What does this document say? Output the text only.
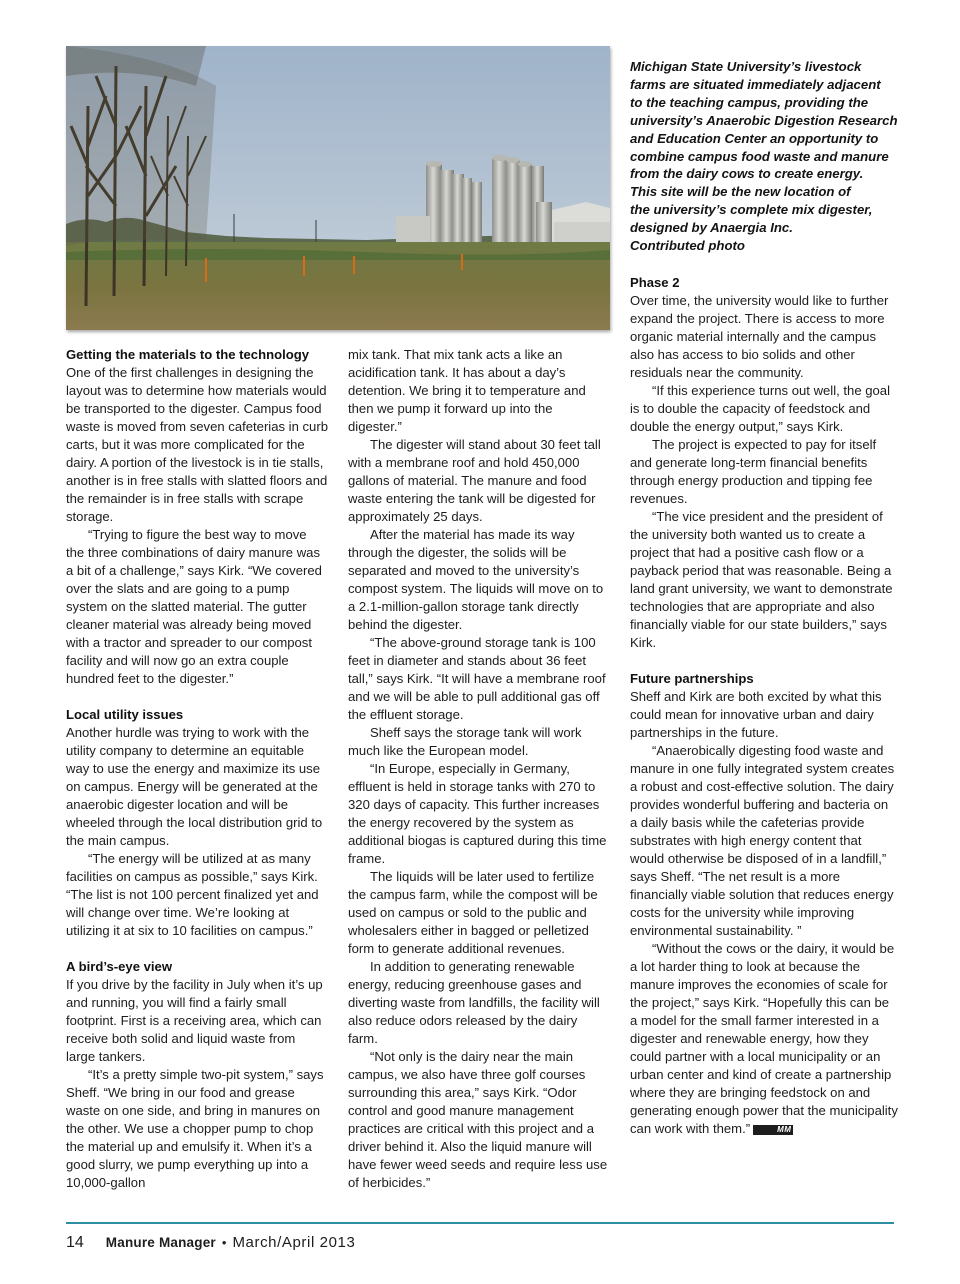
Michigan State University’s livestock

farms are situated immediately adjacent

to the teaching campus, providing the

university’s Anaerobic Digestion Research

and Education Center an opportunity to

combine campus food waste and manure

from the dairy cows to create energy.

This site will be the new location of

the university’s complete mix digester,

designed by Anaergia Inc.

Contributed photo

Getting the materials to the technology

One of the first challenges in designing the layout was to determine how materials would be transported to the digester. Campus food waste is moved from seven cafeterias in curb carts, but it was more complicated for the dairy. A portion of the livestock is in tie stalls, another is in free stalls with slatted floors and the remainder is in free stalls with scrape storage.

“Trying to figure the best way to move the three combinations of dairy manure was a bit of a challenge,” says Kirk. “We covered over the slats and are going to a pump system on the slatted material. The gutter cleaner material was already being moved with a tractor and spreader to our compost facility and will now go an extra couple hundred feet to the digester.”

Local utility issues

Another hurdle was trying to work with the utility company to determine an equitable way to use the energy and maximize its use on campus. Energy will be generated at the anaerobic digester location and will be wheeled through the local distribution grid to the main campus.

“The energy will be utilized at as many facilities on campus as possible,” says Kirk. “The list is not 100 percent finalized yet and will change over time. We’re looking at utilizing it at six to 10 facilities on campus.”

A bird’s-eye view

If you drive by the facility in July when it’s up and running, you will find a fairly small footprint. First is a receiving area, which can receive both solid and liquid waste from large tankers.

“It’s a pretty simple two-pit system,” says Sheff. “We bring in our food and grease waste on one side, and bring in manures on the other. We use a chopper pump to chop the material up and emulsify it. When it’s a good slurry, we pump everything up into a 10,000-gallon

mix tank. That mix tank acts a like an acidification tank. It has about a day’s detention. We bring it to temperature and then we pump it forward up into the digester.”

The digester will stand about 30 feet tall with a membrane roof and hold 450,000 gallons of material. The manure and food waste entering the tank will be digested for approximately 25 days.

After the material has made its way through the digester, the solids will be separated and moved to the university’s compost system. The liquids will move on to a 2.1-million-gallon storage tank directly behind the digester.

“The above-ground storage tank is 100 feet in diameter and stands about 36 feet tall,” says Kirk. “It will have a membrane roof and we will be able to pull additional gas off the effluent storage.

Sheff says the storage tank will work much like the European model.

“In Europe, especially in Germany, effluent is held in storage tanks with 270 to 320 days of capacity. This further increases the energy recovered by the system as additional biogas is captured during this time frame.

The liquids will be later used to fertilize the campus farm, while the compost will be used on campus or sold to the public and wholesalers either in bagged or pelletized form to generate additional revenues.

In addition to generating renewable energy, reducing greenhouse gases and diverting waste from landfills, the facility will also reduce odors released by the dairy farm.

“Not only is the dairy near the main campus, we also have three golf courses surrounding this area,” says Kirk. “Odor control and good manure management practices are critical with this project and a driver behind it. Also the liquid manure will have fewer weed seeds and require less use of herbicides.”

Phase 2

Over time, the university would like to further expand the project. There is access to more organic material internally and the campus also has access to bio solids and other residuals near the community.

“If this experience turns out well, the goal is to double the capacity of feedstock and double the energy output,” says Kirk.

The project is expected to pay for itself and generate long-term financial benefits through energy production and tipping fee revenues.

“The vice president and the president of the university both wanted us to create a project that had a positive cash flow or a payback period that was reasonable. Being a land grant university, we want to demonstrate technologies that are appropriate and also financially viable for our state builders,” says Kirk.

Future partnerships

Sheff and Kirk are both excited by what this could mean for innovative urban and dairy partnerships in the future.

“Anaerobically digesting food waste and manure in one fully integrated system creates a robust and cost-effective solution. The dairy provides wonderful buffering and bacteria on a daily basis while the cafeterias provide substrates with high energy content that would otherwise be disposed of in a landfill,” says Sheff. “The net result is a more financially viable solution that reduces energy costs for the university while improving environmental sustainability. ”

“Without the cows or the dairy, it would be a lot harder thing to look at because the manure improves the economies of scale for the project,” says Kirk. “Hopefully this can be a model for the small farmer interested in a digester and renewable energy, how they could partner with a local municipality or an urban center and kind of create a partnership where they are bringing feedstock on and generating enough power that the municipality can work with them.”	MM

14 Manure Manager • March/April 2013
